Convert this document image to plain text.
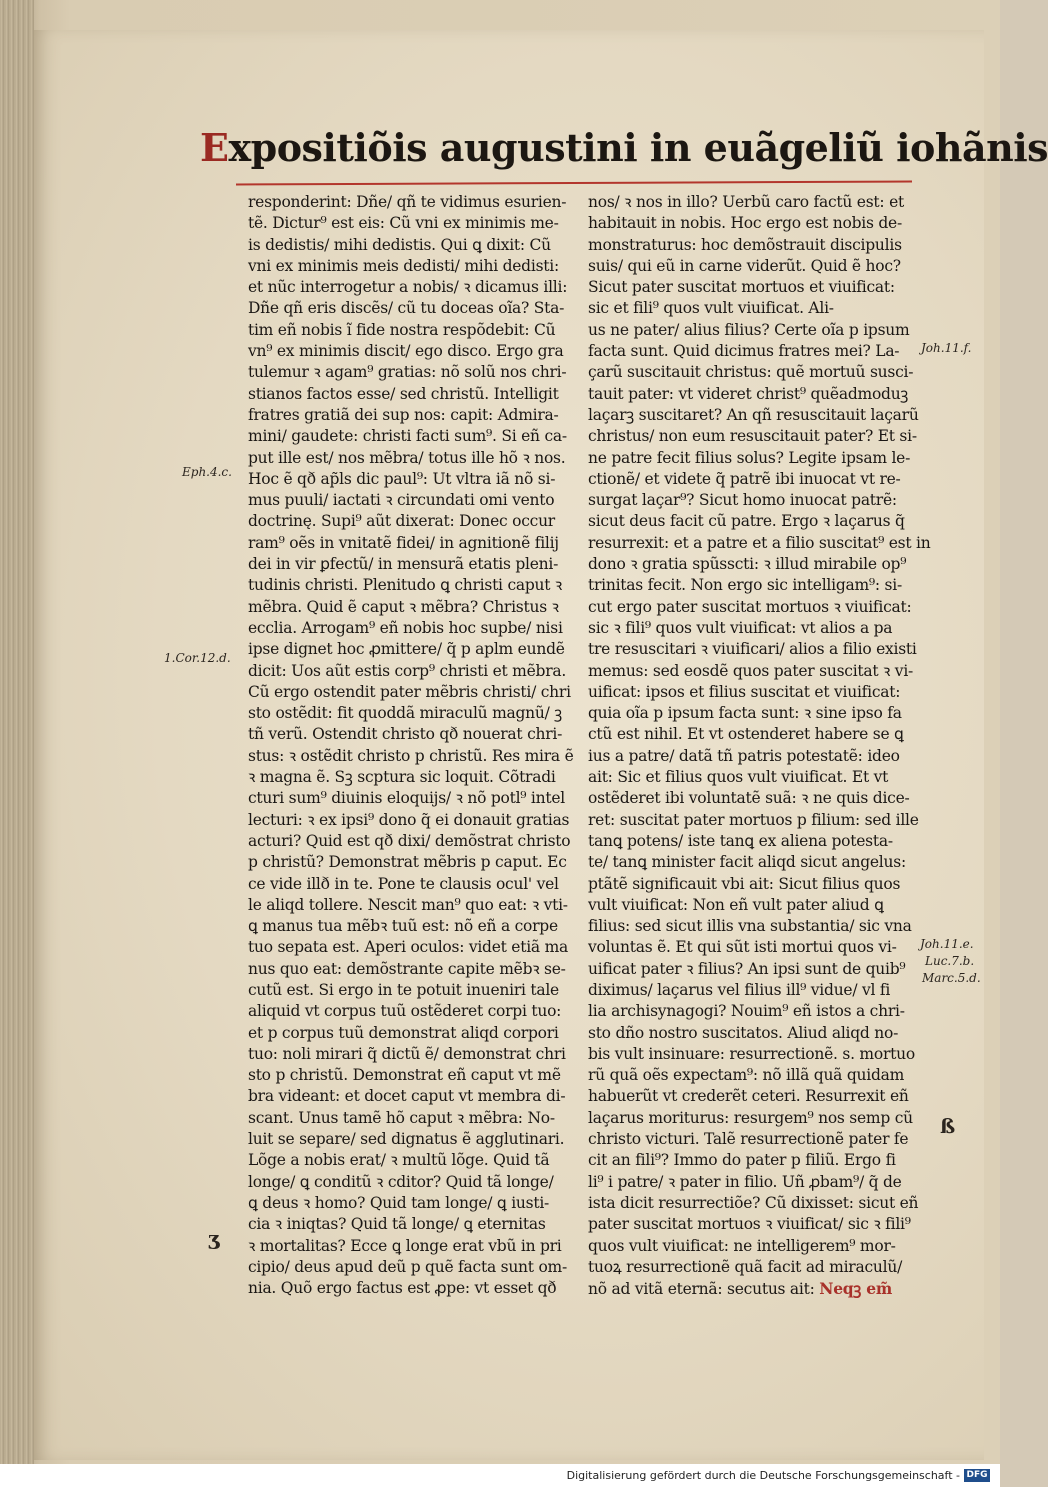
Expositiõis augustini in euãgeliũ iohãnis
responderint: Dñe/ qñ te vidimus esurien-
tẽ. Dictur⁹ est eis: Cũ vni ex minimis me-
is dedistis/ mihi dedistis. Qui ꝗ dixit: Cũ
vni ex minimis meis dedisti/ mihi dedisti:
et nũc interrogetur a nobis/ ꝛ dicamus illi:
Dñe qñ eris discẽs/ cũ tu doceas oĩa? Sta-
tim eñ nobis ĩ fide nostra respõdebit: Cũ
vn⁹ ex minimis discit/ ego disco. Ergo gra
tulemur ꝛ agam⁹ gratias: nõ solũ nos chri-
stianos factos esse/ sed christũ. Intelligit
fratres gratiã dei sup nos: capit: Admira-
mini/ gaudete: christi facti sum⁹. Si eñ ca-
put ille est/ nos mẽbra/ totus ille hõ ꝛ nos.
Hoc ẽ qð ap̃ls dic paul⁹: Ut vltra iã nõ si-
mus puuli/ iactati ꝛ circundati omi vento
doctrinę. Supi⁹ aũt dixerat: Donec occur
ram⁹ oẽs in vnitatẽ fidei/ in agnitionẽ filij
dei in vir ꝑfectũ/ in mensurã etatis pleni-
tudinis christi. Plenitudo ꝗ christi caput ꝛ
mẽbra. Quid ẽ caput ꝛ mẽbra? Christus ꝛ
ecclia. Arrogam⁹ eñ nobis hoc supbe/ nisi
ipse dignet hoc ꝓmittere/ q̃ p aplm eundẽ
dicit: Uos aũt estis corp⁹ christi et mẽbra.
Cũ ergo ostendit pater mẽbris christi/ chri
sto ostẽdit: fit quoddã miraculũ magnũ/ ꝫ
tñ verũ. Ostendit christo qð nouerat chri-
stus: ꝛ ostẽdit christo p christũ. Res mira ẽ
ꝛ magna ẽ. Sꝫ scptura sic loquit. Cõtradi
cturi sum⁹ diuinis eloquijs/ ꝛ nõ potl⁹ intel
lecturi: ꝛ ex ipsi⁹ dono q̃ ei donauit gratias
acturi? Quid est qð dixi/ demõstrat christo
p christũ? Demonstrat mẽbris p caput. Ec
ce vide illð in te. Pone te clausis ocul' vel
le aliqd tollere. Nescit man⁹ quo eat: ꝛ vti-
ꝗ manus tua mẽbꝛ tuũ est: nõ eñ a corpe
tuo sepata est. Aperi oculos: videt etiã ma
nus quo eat: demõstrante capite mẽbꝛ se-
cutũ est. Si ergo in te potuit inueniri tale
aliquid vt corpus tuũ ostẽderet corpi tuo:
et p corpus tuũ demonstrat aliqd corpori
tuo: noli mirari q̃ dictũ ẽ/ demonstrat chri
sto p christũ. Demonstrat eñ caput vt mẽ
bra videant: et docet caput vt membra di-
scant. Unus tamẽ hõ caput ꝛ mẽbra: No-
luit se separe/ sed dignatus ẽ agglutinari.
Lõge a nobis erat/ ꝛ multũ lõge. Quid tã
longe/ ꝗ conditũ ꝛ cditor? Quid tã longe/
ꝗ deus ꝛ homo? Quid tam longe/ ꝗ iusti-
cia ꝛ iniqtas? Quid tã longe/ ꝗ eternitas
ꝛ mortalitas? Ecce ꝗ longe erat vbũ in pri
cipio/ deus apud deũ p quẽ facta sunt om-
nia. Quõ ergo factus est ꝓpe: vt esset qð
nos/ ꝛ nos in illo? Uerbũ caro factũ est: et
habitauit in nobis. Hoc ergo est nobis de-
monstraturus: hoc demõstrauit discipulis
suis/ qui eũ in carne viderũt. Quid ẽ hoc?
Sicut pater suscitat mortuos et viuificat:
sic et fili⁹ quos vult viuificat. Ali-
us ne pater/ alius filius? Certe oĩa p ipsum
facta sunt. Quid dicimus fratres mei? La-
çarũ suscitauit christus: quẽ mortuũ susci-
tauit pater: vt videret christ⁹ quẽadmoduꝫ
laçarꝫ suscitaret? An qñ resuscitauit laçarũ
christus/ non eum resuscitauit pater? Et si-
ne patre fecit filius solus? Legite ipsam le-
ctionẽ/ et videte q̃ patrẽ ibi inuocat vt re-
surgat laçar⁹? Sicut homo inuocat patrẽ:
sicut deus facit cũ patre. Ergo ꝛ laçarus q̃
resurrexit: et a patre et a filio suscitat⁹ est in
dono ꝛ gratia spũsscti: ꝛ illud mirabile op⁹
trinitas fecit. Non ergo sic intelligam⁹: si-
cut ergo pater suscitat mortuos ꝛ viuificat:
sic ꝛ fili⁹ quos vult viuificat: vt alios a pa
tre resuscitari ꝛ viuificari/ alios a filio existi
memus: sed eosdẽ quos pater suscitat ꝛ vi-
uificat: ipsos et filius suscitat et viuificat:
quia oĩa p ipsum facta sunt: ꝛ sine ipso fa
ctũ est nihil. Et vt ostenderet habere se ꝗ
ius a patre/ datã tñ patris potestatẽ: ideo
ait: Sic et filius quos vult viuificat. Et vt
ostẽderet ibi voluntatẽ suã: ꝛ ne quis dice-
ret: suscitat pater mortuos p filium: sed ille
tanꝗ potens/ iste tanꝗ ex aliena potesta-
te/ tanꝗ minister facit aliqd sicut angelus:
ptãtẽ significauit vbi ait: Sicut filius quos
vult viuificat: Non eñ vult pater aliud ꝗ
filius: sed sicut illis vna substantia/ sic vna
voluntas ẽ. Et qui sũt isti mortui quos vi-
uificat pater ꝛ filius? An ipsi sunt de quib⁹
diximus/ laçarus vel filius ill⁹ vidue/ vl fi
lia archisynagogi? Nouim⁹ eñ istos a chri-
sto dño nostro suscitatos. Aliud aliqd no-
bis vult insinuare: resurrectionẽ. s. mortuo
rũ quã oẽs expectam⁹: nõ illã quã quidam
habuerũt vt crederẽt ceteri. Resurrexit eñ
laçarus moriturus: resurgem⁹ nos semp cũ
christo victuri. Talẽ resurrectionẽ pater fe
cit an fili⁹? Immo do pater p filiũ. Ergo fi
li⁹ i patre/ ꝛ pater in filio. Uñ ꝓbam⁹/ q̃ de
ista dicit resurrectiõe? Cũ dixisset: sicut eñ
pater suscitat mortuos ꝛ viuificat/ sic ꝛ fili⁹
quos vult viuificat: ne intelligerem⁹ mor-
tuoꝝ resurrectionẽ quã facit ad miraculũ/
nõ ad vitã eternã: secutus ait: Neqꝫ em̃
Eph.4.c.
1.Cor.12.d.
Joh.11.f.
Joh.11.e.
Luc.7.b.
Marc.5.d.
ʒ
ß
Digitalisierung gefördert durch die Deutsche Forschungsgemeinschaft - DFG
